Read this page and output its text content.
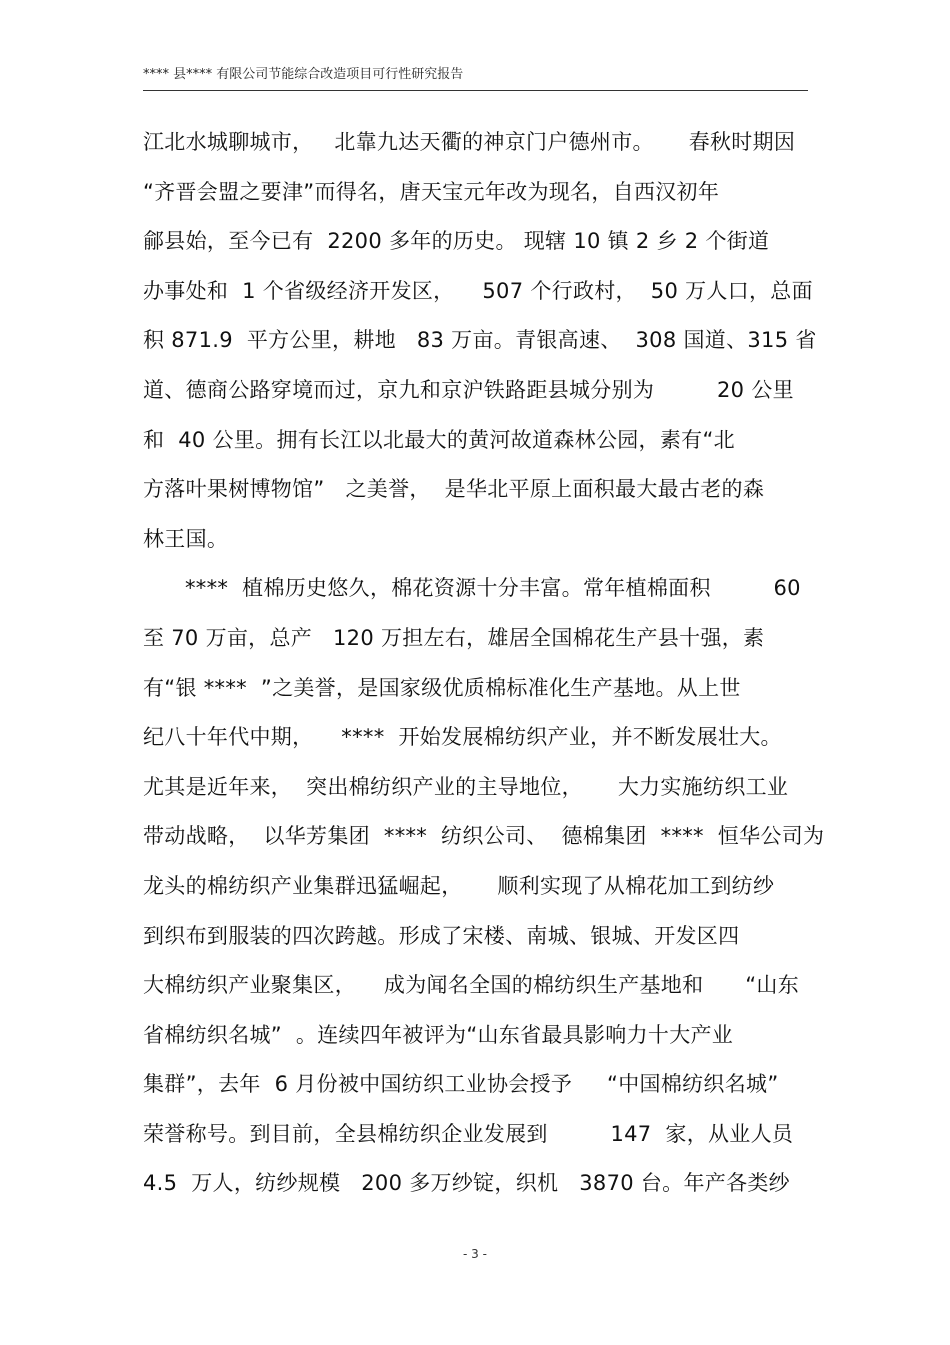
**** 县**** 有限公司节能综合改造项目可行性研究报告
江北水城聊城市，   北靠九达天衢的神京门户德州市。     春秋时期因
“齐晋会盟之要津”而得名，唐天宝元年改为现名，自西汉初年
鄃县始，至今已有  2200 多年的历史。 现辖 10 镇 2 乡 2 个街道
办事处和  1 个省级经济开发区，    507 个行政村，  50 万人口，总面
积 871.9  平方公里，耕地   83 万亩。青银高速、  308 国道、315 省
道、德商公路穿境而过，京九和京沪铁路距县城分别为         20 公里
和  40 公里。拥有长江以北最大的黄河故道森林公园，素有“北
方落叶果树博物馆”   之美誉，  是华北平原上面积最大最古老的森
林王国。
****  植棉历史悠久，棉花资源十分丰富。常年植棉面积         60
至 70 万亩，总产   120 万担左右，雄居全国棉花生产县十强，素
有“银 ****  ”之美誉，是国家级优质棉标准化生产基地。从上世
纪八十年代中期，    ****  开始发展棉纺织产业，并不断发展壮大。
尤其是近年来，  突出棉纺织产业的主导地位，     大力实施纺织工业
带动战略，  以华芳集团  ****  纺织公司、  德棉集团  ****  恒华公司为
龙头的棉纺织产业集群迅猛崛起，     顺利实现了从棉花加工到纺纱
到织布到服装的四次跨越。形成了宋楼、南城、银城、开发区四
大棉纺织产业聚集区，    成为闻名全国的棉纺织生产基地和      “山东
省棉纺织名城”  。连续四年被评为“山东省最具影响力十大产业
集群”，去年  6 月份被中国纺织工业协会授予     “中国棉纺织名城”
荣誉称号。到目前，全县棉纺织企业发展到         147  家，从业人员
4.5  万人，纺纱规模   200 多万纱锭，织机   3870 台。年产各类纱
- 3 -
